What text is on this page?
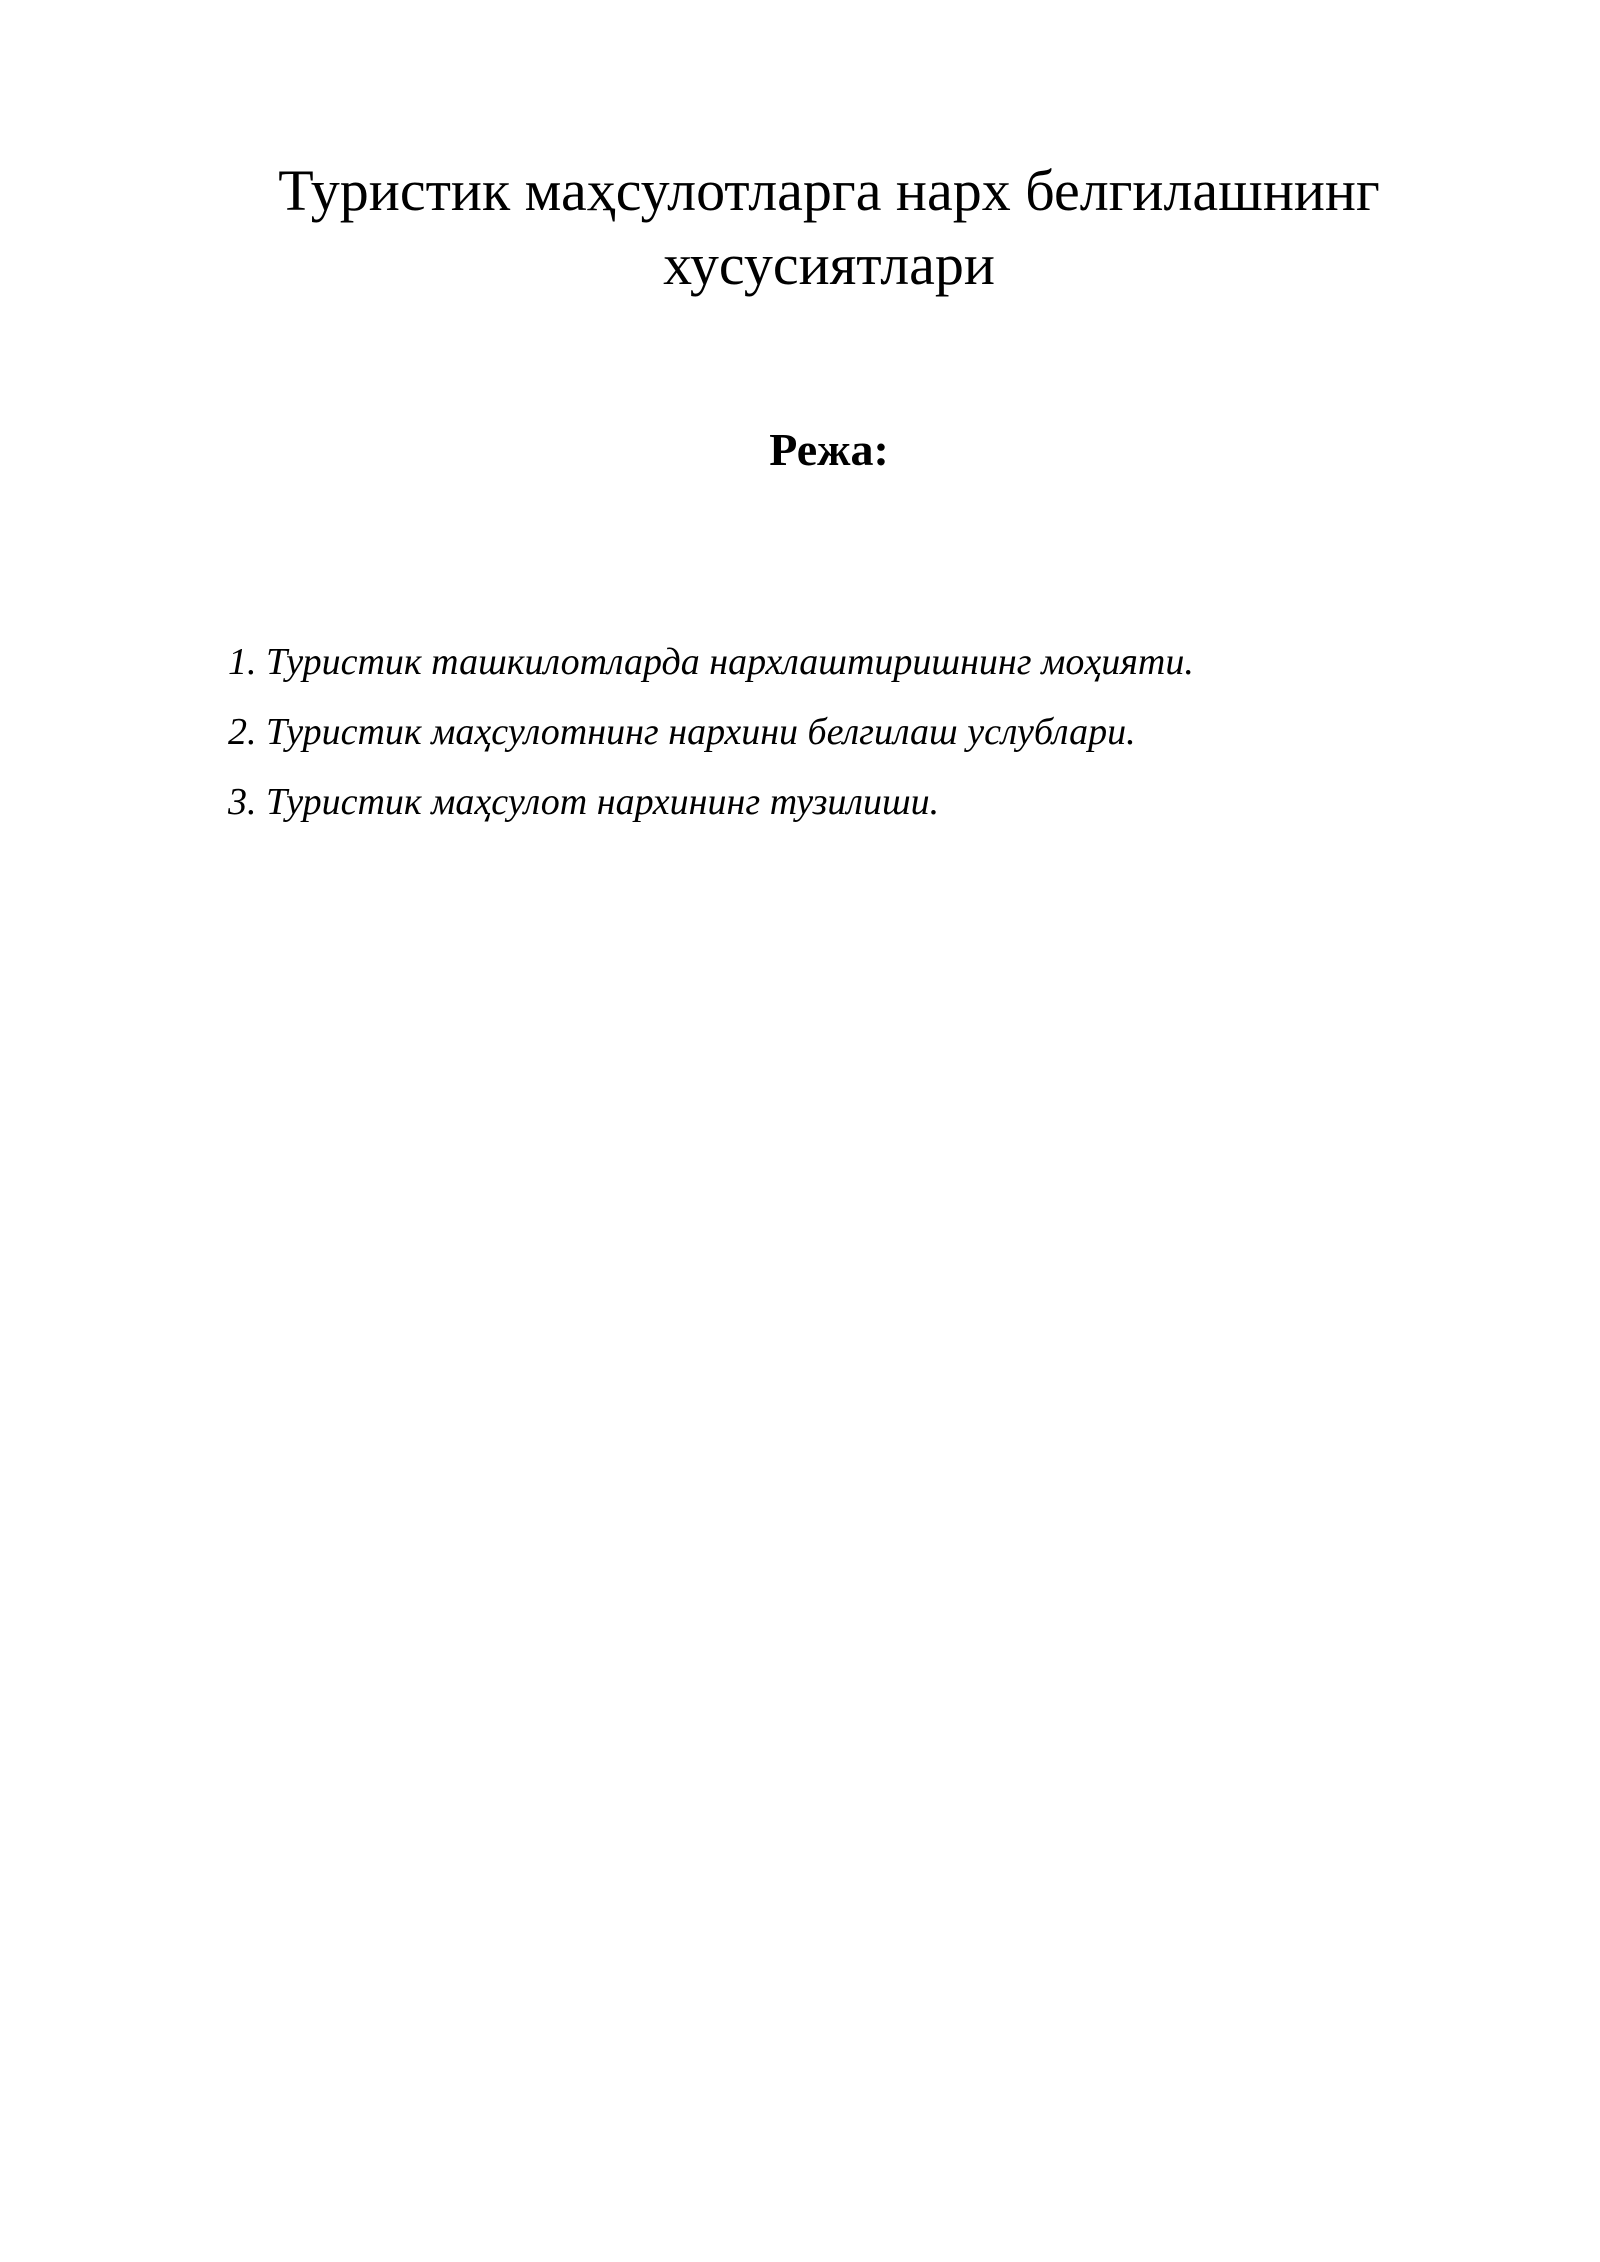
Туристик маҳсулотларга нарх белгилашнинг
хусусиятлари
Режа:
1. Туристик ташкилотларда нархлаштиришнинг моҳияти.
2. Туристик маҳсулотнинг нархини белгилаш услублари.
3. Туристик маҳсулот нархининг тузилиши.
